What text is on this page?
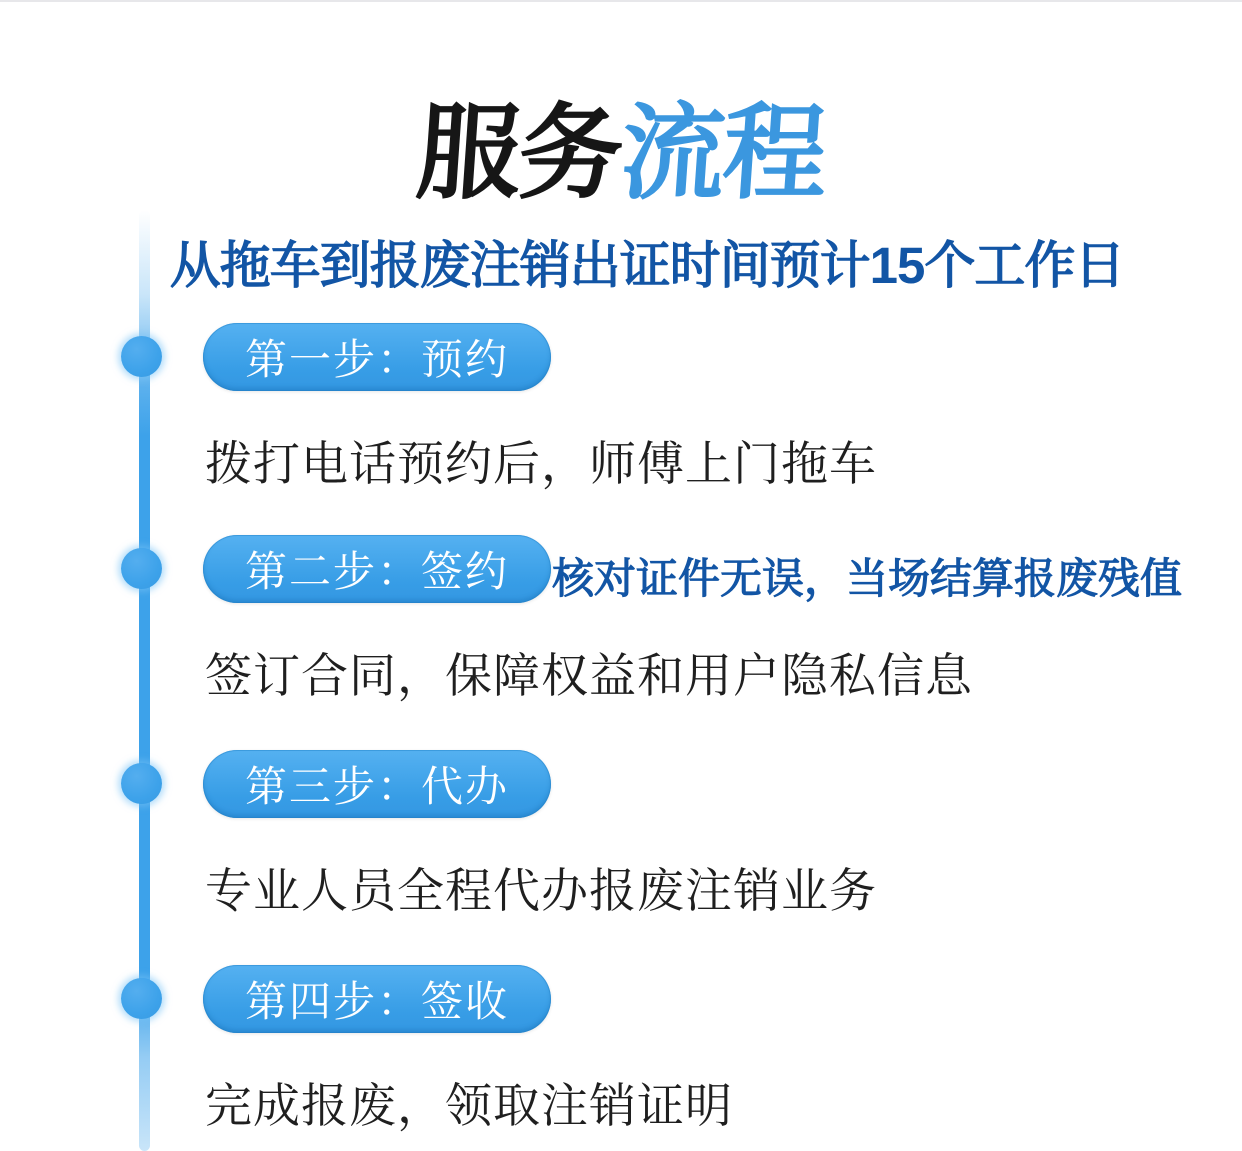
服务流程
从拖车到报废注销出证时间预计15个工作日
第一步：预约

拨打电话预约后，师傅上门拖车

第二步：签约	核对证件无误，当场结算报废残值

签订合同，保障权益和用户隐私信息

第三步：代办

专业人员全程代办报废注销业务

第四步：签收

完成报废，领取注销证明
